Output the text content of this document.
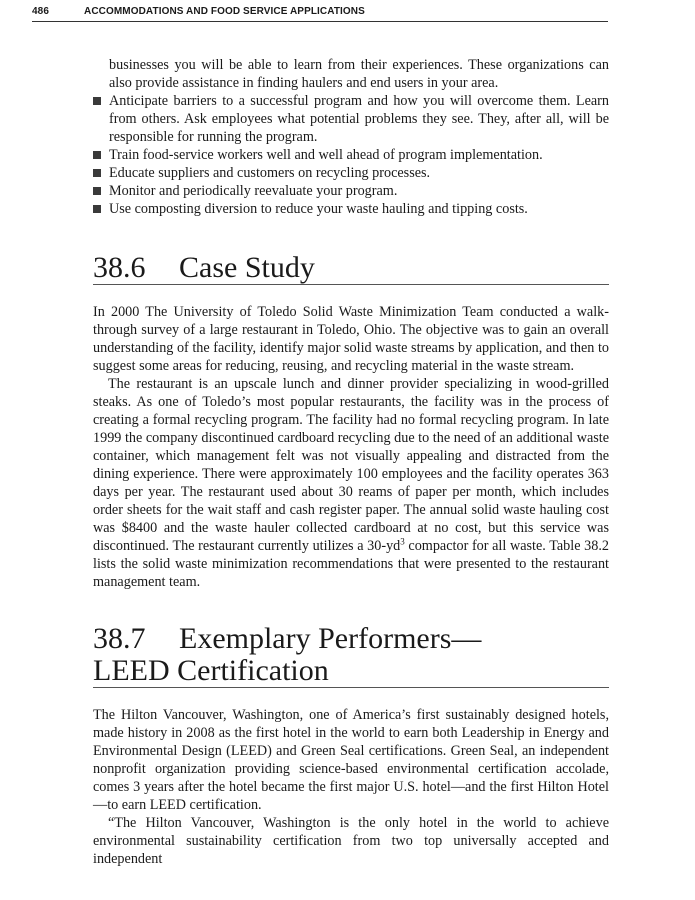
486	ACCOMMODATIONS AND FOOD SERVICE APPLICATIONS

businesses you will be able to learn from their experiences. These organizations can also provide assistance in finding haulers and end users in your area.

Anticipate barriers to a successful program and how you will overcome them. Learn from others. Ask employees what potential problems they see. They, after all, will be responsible for running the program.
Train food-service workers well and well ahead of program implementation.
Educate suppliers and customers on recycling processes.
Monitor and periodically reevaluate your program.
Use composting diversion to reduce your waste hauling and tipping costs.
38.6 Case Study

In 2000 The University of Toledo Solid Waste Minimization Team conducted a walk-through survey of a large restaurant in Toledo, Ohio. The objective was to gain an overall understanding of the facility, identify major solid waste streams by application, and then to suggest some areas for reducing, reusing, and recycling material in the waste stream.

The restaurant is an upscale lunch and dinner provider specializing in wood-grilled steaks. As one of Toledo’s most popular restaurants, the facility was in the process of creating a formal recycling program. The facility had no formal recycling program. In late 1999 the company discontinued cardboard recycling due to the need of an additional waste container, which management felt was not visually appealing and distracted from the dining experience. There were approximately 100 employees and the facility operates 363 days per year. The restaurant used about 30 reams of paper per month, which includes order sheets for the wait staff and cash register paper. The annual solid waste hauling cost was $8400 and the waste hauler collected cardboard at no cost, but this service was discontinued. The restaurant currently utilizes a $30-yd^3$ compactor for all waste. Table 38.2 lists the solid waste minimization recommendations that were presented to the restaurant management team.

38.7 Exemplary Performers—
LEED Certification

The Hilton Vancouver, Washington, one of America’s first sustainably designed hotels, made history in 2008 as the first hotel in the world to earn both Leadership in Energy and Environmental Design (LEED) and Green Seal certifications. Green Seal, an independent nonprofit organization providing science-based environmental certification accolade, comes 3 years after the hotel became the first major U.S. hotel—and the first Hilton Hotel—to earn LEED certification.

“The Hilton Vancouver, Washington is the only hotel in the world to achieve environmental sustainability certification from two top universally accepted and independent
